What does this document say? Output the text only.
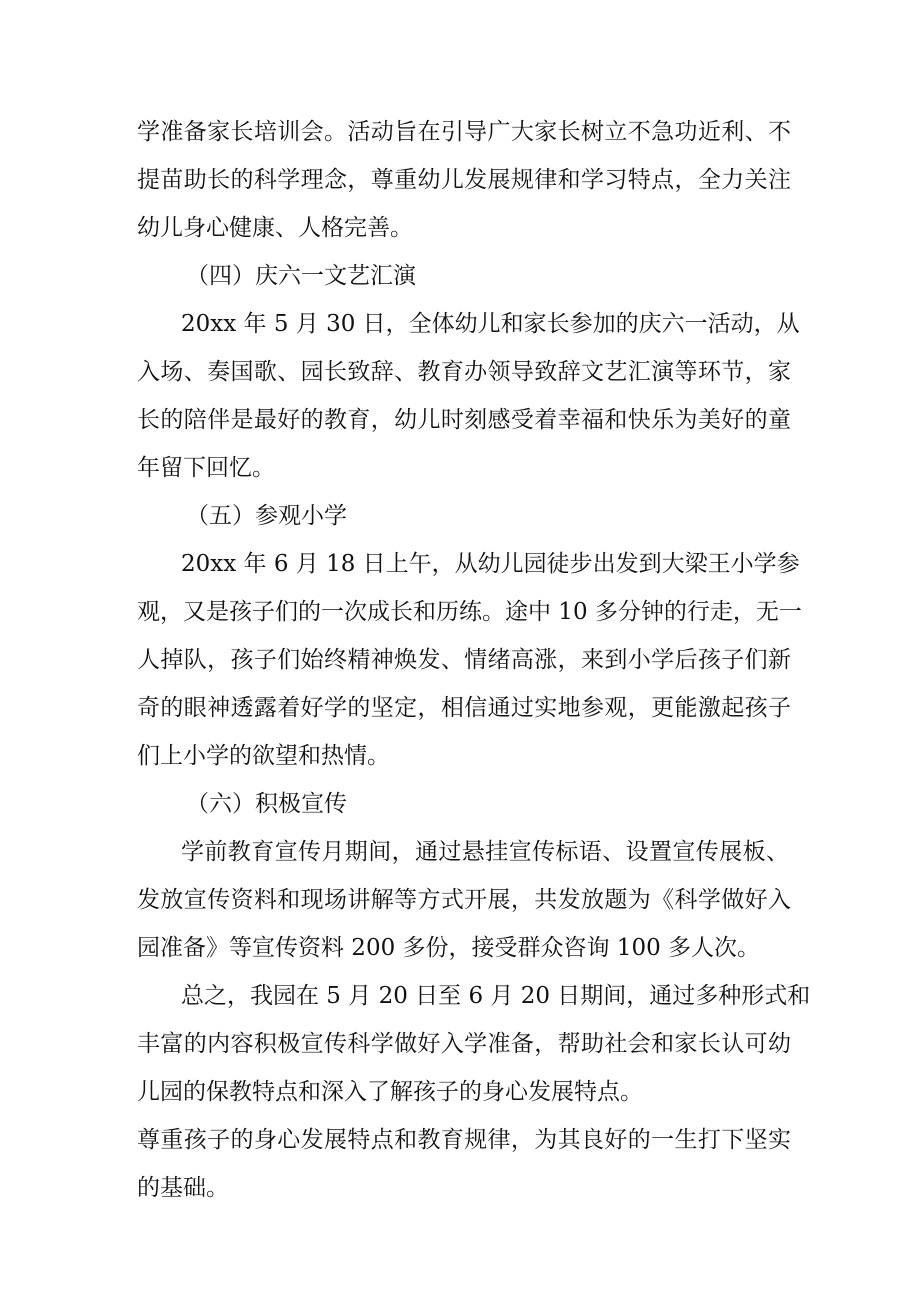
学准备家长培训会。活动旨在引导广大家长树立不急功近利、不
提苗助长的科学理念，尊重幼儿发展规律和学习特点，全力关注
幼儿身心健康、人格完善。
（四）庆六一文艺汇演
20xx 年 5 月 30 日，全体幼儿和家长参加的庆六一活动，从
入场、奏国歌、园长致辞、教育办领导致辞文艺汇演等环节，家
长的陪伴是最好的教育，幼儿时刻感受着幸福和快乐为美好的童
年留下回忆。
（五）参观小学
20xx 年 6 月 18 日上午，从幼儿园徒步出发到大梁王小学参
观，又是孩子们的一次成长和历练。途中 10 多分钟的行走，无一
人掉队，孩子们始终精神焕发、情绪高涨，来到小学后孩子们新
奇的眼神透露着好学的坚定，相信通过实地参观，更能激起孩子
们上小学的欲望和热情。
（六）积极宣传
学前教育宣传月期间，通过悬挂宣传标语、设置宣传展板、
发放宣传资料和现场讲解等方式开展，共发放题为《科学做好入
园准备》等宣传资料 200 多份，接受群众咨询 100 多人次。
总之，我园在 5 月 20 日至 6 月 20 日期间，通过多种形式和
丰富的内容积极宣传科学做好入学准备，帮助社会和家长认可幼
儿园的保教特点和深入了解孩子的身心发展特点。
尊重孩子的身心发展特点和教育规律，为其良好的一生打下坚实
的基础。
